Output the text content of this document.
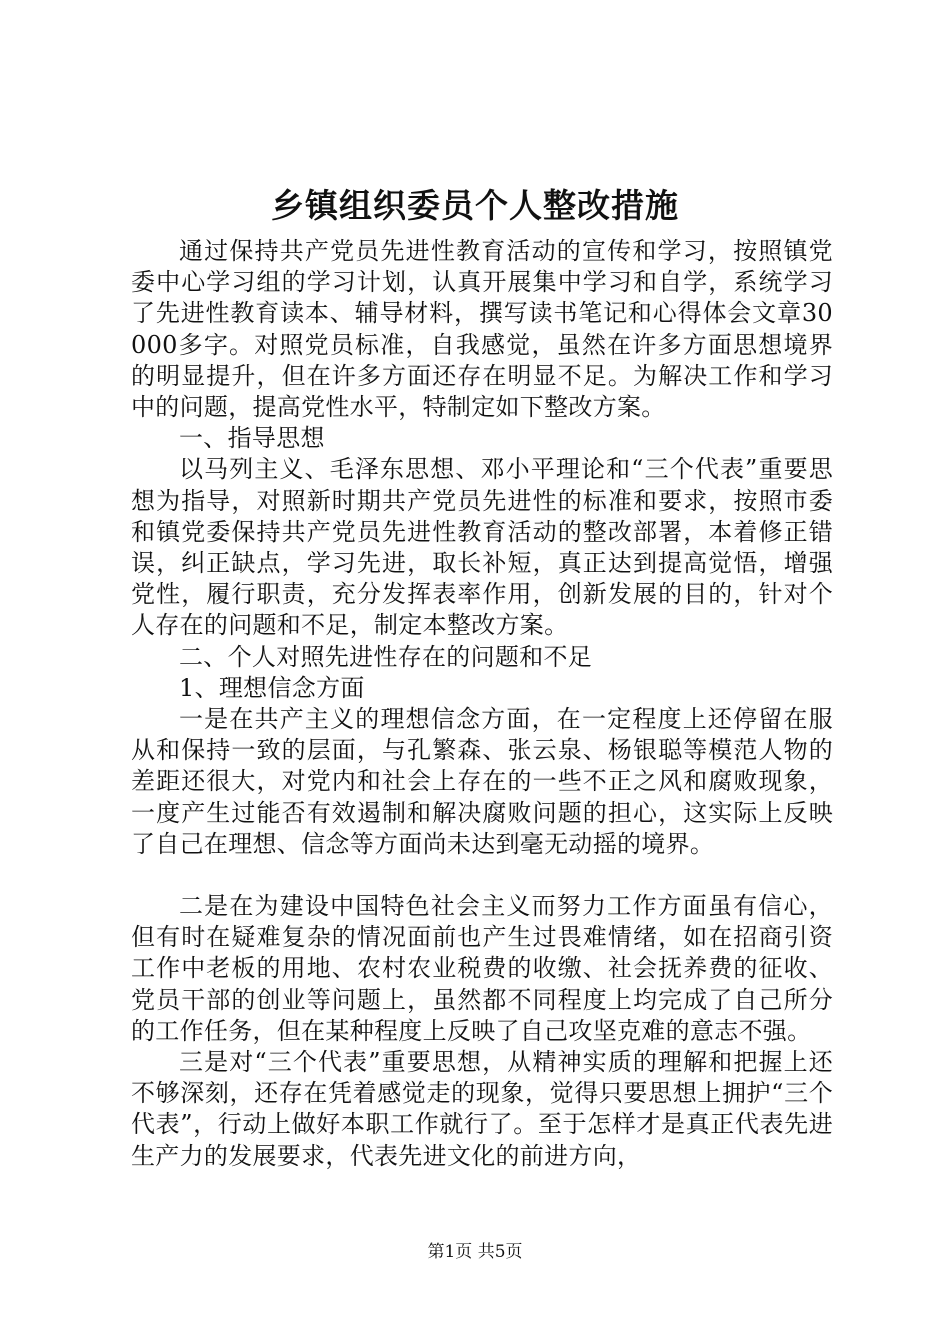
乡镇组织委员个人整改措施

通过保持共产党员先进性教育活动的宣传和学习，按照镇党委中心学习组的学习计划，认真开展集中学习和自学，系统学习了先进性教育读本、辅导材料，撰写读书笔记和心得体会文章30000多字。对照党员标准，自我感觉，虽然在许多方面思想境界的明显提升，但在许多方面还存在明显不足。为解决工作和学习中的问题，提高党性水平，特制定如下整改方案。

一、指导思想

以马列主义、毛泽东思想、邓小平理论和“三个代表”重要思想为指导，对照新时期共产党员先进性的标准和要求，按照市委和镇党委保持共产党员先进性教育活动的整改部署，本着修正错误，纠正缺点，学习先进，取长补短，真正达到提高觉悟，增强党性，履行职责，充分发挥表率作用，创新发展的目的，针对个人存在的问题和不足，制定本整改方案。

二、个人对照先进性存在的问题和不足

1、理想信念方面

一是在共产主义的理想信念方面，在一定程度上还停留在服从和保持一致的层面，与孔繁森、张云泉、杨银聪等模范人物的差距还很大，对党内和社会上存在的一些不正之风和腐败现象，一度产生过能否有效遏制和解决腐败问题的担心，这实际上反映了自己在理想、信念等方面尚未达到毫无动摇的境界。

二是在为建设中国特色社会主义而努力工作方面虽有信心，但有时在疑难复杂的情况面前也产生过畏难情绪，如在招商引资工作中老板的用地、农村农业税费的收缴、社会抚养费的征收、党员干部的创业等问题上，虽然都不同程度上均完成了自己所分的工作任务，但在某种程度上反映了自己攻坚克难的意志不强。

三是对“三个代表”重要思想，从精神实质的理解和把握上还不够深刻，还存在凭着感觉走的现象，觉得只要思想上拥护“三个代表”，行动上做好本职工作就行了。至于怎样才是真正代表先进生产力的发展要求，代表先进文化的前进方向，

第1页 共5页
